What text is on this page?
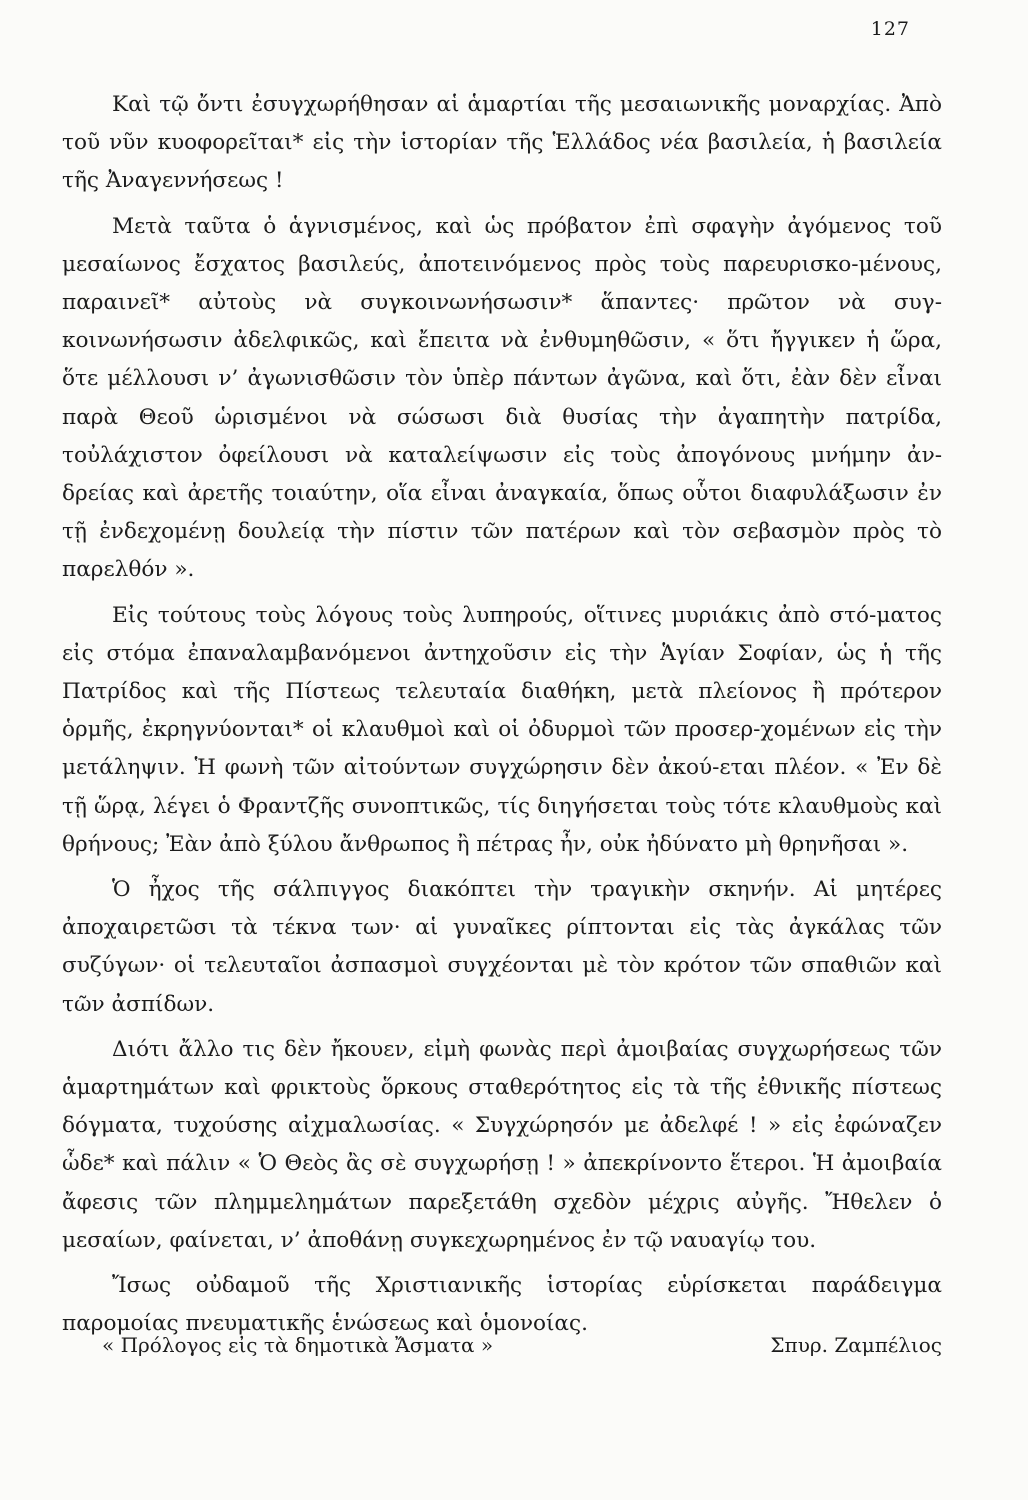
127

Καὶ τῷ ὄντι ἐσυγχωρήθησαν αἱ ἁμαρτίαι τῆς μεσαιωνικῆς μοναρχίας. Ἀπὸ τοῦ νῦν κυοφορεῖται* εἰς τὴν ἱστορίαν τῆς Ἑλλάδος νέα βασιλεία, ἡ βασιλεία τῆς Ἀναγεννήσεως !

Μετὰ ταῦτα ὁ ἁγνισμένος, καὶ ὡς πρόβατον ἐπὶ σφαγὴν ἀγόμενος τοῦ μεσαίωνος ἔσχατος βασιλεύς, ἀποτεινόμενος πρὸς τοὺς παρευρισκο-μένους, παραινεῖ* αὐτοὺς νὰ συγκοινωνήσωσιν* ἅπαντες· πρῶτον νὰ συγ-κοινωνήσωσιν ἀδελφικῶς, καὶ ἔπειτα νὰ ἐνθυμηθῶσιν, « ὅτι ἤγγικεν ἡ ὥρα, ὅτε μέλλουσι ν’ ἀγωνισθῶσιν τὸν ὑπὲρ πάντων ἀγῶνα, καὶ ὅτι, ἐὰν δὲν εἶναι παρὰ Θεοῦ ὡρισμένοι νὰ σώσωσι διὰ θυσίας τὴν ἀγαπητὴν πατρίδα, τοὐλάχιστον ὀφείλουσι νὰ καταλείψωσιν εἰς τοὺς ἀπογόνους μνήμην ἀν-δρείας καὶ ἀρετῆς τοιαύτην, οἵα εἶναι ἀναγκαία, ὅπως οὗτοι διαφυλάξωσιν ἐν τῇ ἐνδεχομένῃ δουλείᾳ τὴν πίστιν τῶν πατέρων καὶ τὸν σεβασμὸν πρὸς τὸ παρελθόν ».

Εἰς τούτους τοὺς λόγους τοὺς λυπηρούς, οἵτινες μυριάκις ἀπὸ στό-ματος εἰς στόμα ἐπαναλαμβανόμενοι ἀντηχοῦσιν εἰς τὴν Ἁγίαν Σοφίαν, ὡς ἡ τῆς Πατρίδος καὶ τῆς Πίστεως τελευταία διαθήκη, μετὰ πλείονος ἢ πρότερον ὁρμῆς, ἐκρηγνύονται* οἱ κλαυθμοὶ καὶ οἱ ὀδυρμοὶ τῶν προσερ-χομένων εἰς τὴν μετάληψιν. Ἡ φωνὴ τῶν αἰτούντων συγχώρησιν δὲν ἀκού-εται πλέον. « Ἐν δὲ τῇ ὥρᾳ, λέγει ὁ Φραντζῆς συνοπτικῶς, τίς διηγήσεται τοὺς τότε κλαυθμοὺς καὶ θρήνους; Ἐὰν ἀπὸ ξύλου ἄνθρωπος ἢ πέτρας ἦν, οὐκ ἠδύνατο μὴ θρηνῆσαι ».

Ὁ ἦχος τῆς σάλπιγγος διακόπτει τὴν τραγικὴν σκηνήν. Αἱ μητέρες ἀποχαιρετῶσι τὰ τέκνα των· αἱ γυναῖκες ρίπτονται εἰς τὰς ἀγκάλας τῶν συζύγων· οἱ τελευταῖοι ἀσπασμοὶ συγχέονται μὲ τὸν κρότον τῶν σπαθιῶν καὶ τῶν ἀσπίδων.

Διότι ἄλλο τις δὲν ἤκουεν, εἰμὴ φωνὰς περὶ ἀμοιβαίας συγχωρήσεως τῶν ἁμαρτημάτων καὶ φρικτοὺς ὅρκους σταθερότητος εἰς τὰ τῆς ἐθνικῆς πίστεως δόγματα, τυχούσης αἰχμαλωσίας. « Συγχώρησόν με ἀδελφέ ! » εἰς ἐφώναζεν ὧδε* καὶ πάλιν « Ὁ Θεὸς ἂς σὲ συγχωρήσῃ ! » ἀπεκρίνοντο ἕτεροι. Ἡ ἀμοιβαία ἄφεσις τῶν πλημμελημάτων παρεξετάθη σχεδὸν μέχρις αὐγῆς. Ἤθελεν ὁ μεσαίων, φαίνεται, ν’ ἀποθάνῃ συγκεχωρημένος ἐν τῷ ναυαγίῳ του.

Ἴσως οὐδαμοῦ τῆς Χριστιανικῆς ἱστορίας εὑρίσκεται παράδειγμα παρομοίας πνευματικῆς ἑνώσεως καὶ ὁμονοίας.

« Πρόλογος εἰς τὰ δημοτικὰ Ἄσματα »	Σπυρ. Ζαμπέλιος
